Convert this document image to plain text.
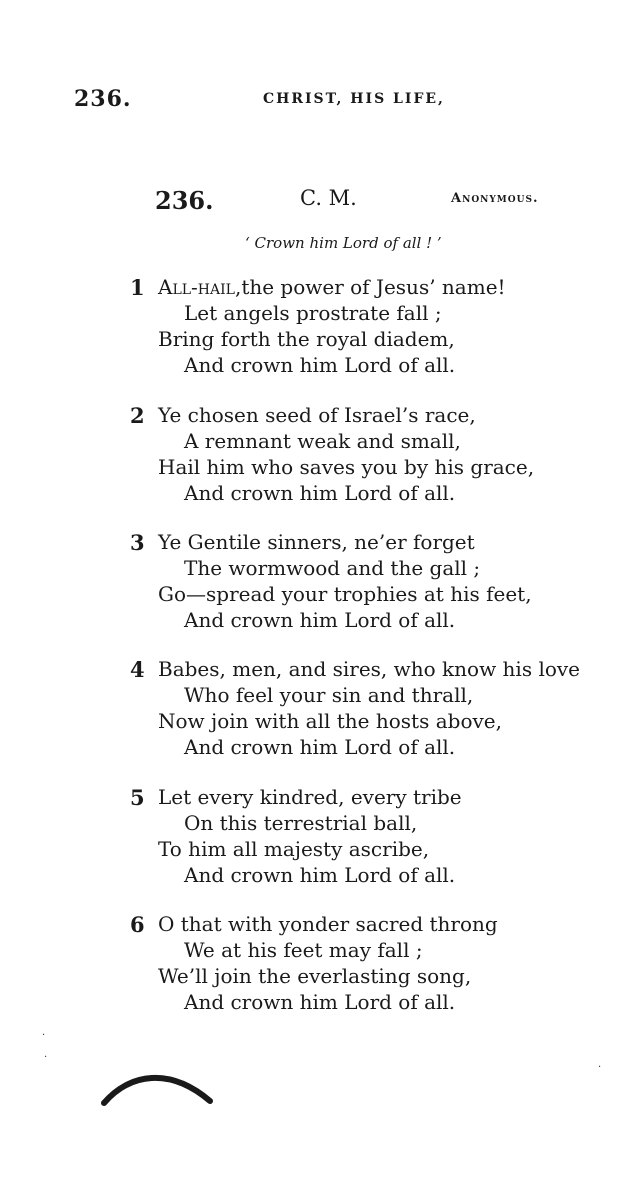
236.	CHRIST, HIS LIFE,
236.	C. M.	Anonymous.
‘ Crown him Lord of all ! ’
1 All-hail,the power of Jesus’ name!
Let angels prostrate fall ;
Bring forth the royal diadem,
And crown him Lord of all.
2 Ye chosen seed of Israel’s race,
A remnant weak and small,
Hail him who saves you by his grace,
And crown him Lord of all.
3 Ye Gentile sinners, ne’er forget
The wormwood and the gall ;
Go—spread your trophies at his feet,
And crown him Lord of all.
4 Babes, men, and sires, who know his love
Who feel your sin and thrall,
Now join with all the hosts above,
And crown him Lord of all.
5 Let every kindred, every tribe
On this terrestrial ball,
To him all majesty ascribe,
And crown him Lord of all.
6 O that with yonder sacred throng
We at his feet may fall ;
We’ll join the everlasting song,
And crown him Lord of all.
·
·
·
